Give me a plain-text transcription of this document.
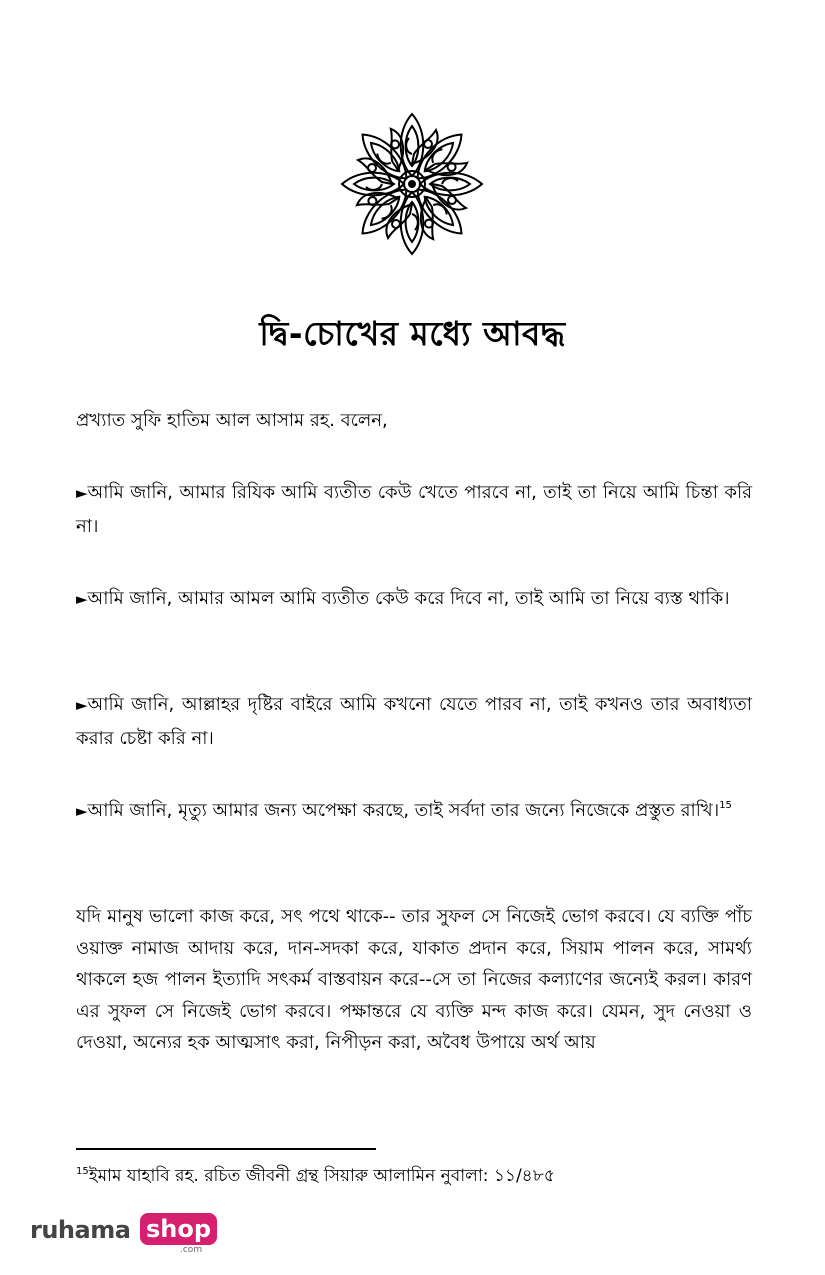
দ্বি-চোখের মধ্যে আবদ্ধ
প্রখ্যাত সুফি হাতিম আল আসাম রহ. বলেন,
►আমি জানি, আমার রিযিক আমি ব্যতীত কেউ খেতে পারবে না, তাই তা নিয়ে আমি চিন্তা করি না।
►আমি জানি, আমার আমল আমি ব্যতীত কেউ করে দিবে না, তাই আমি তা নিয়ে ব্যস্ত থাকি।
►আমি জানি, আল্লাহর দৃষ্টির বাইরে আমি কখনো যেতে পারব না, তাই কখনও তার অবাধ্যতা করার চেষ্টা করি না।
►আমি জানি, মৃত্যু আমার জন্য অপেক্ষা করছে, তাই সর্বদা তার জন্যে নিজেকে প্রস্তুত রাখি।$^{15}$
যদি মানুষ ভালো কাজ করে, সৎ পথে থাকে-- তার সুফল সে নিজেই ভোগ করবে। যে ব্যক্তি পাঁচ ওয়াক্ত নামাজ আদায় করে, দান-সদকা করে, যাকাত প্রদান করে, সিয়াম পালন করে, সামর্থ্য থাকলে হজ পালন ইত্যাদি সৎকর্ম বাস্তবায়ন করে--সে তা নিজের কল্যাণের জন্যেই করল। কারণ এর সুফল সে নিজেই ভোগ করবে। পক্ষান্তরে যে ব্যক্তি মন্দ কাজ করে। যেমন, সুদ নেওয়া ও দেওয়া, অন্যের হক আত্মসাৎ করা, নিপীড়ন করা, অবৈধ উপায়ে অর্থ আয়
$^{15}$ইমাম যাহাবি রহ. রচিত জীবনী গ্রন্থ সিয়ারু আলামিন নুবালা: ১১/৪৮৫
ruhama shop
.com
